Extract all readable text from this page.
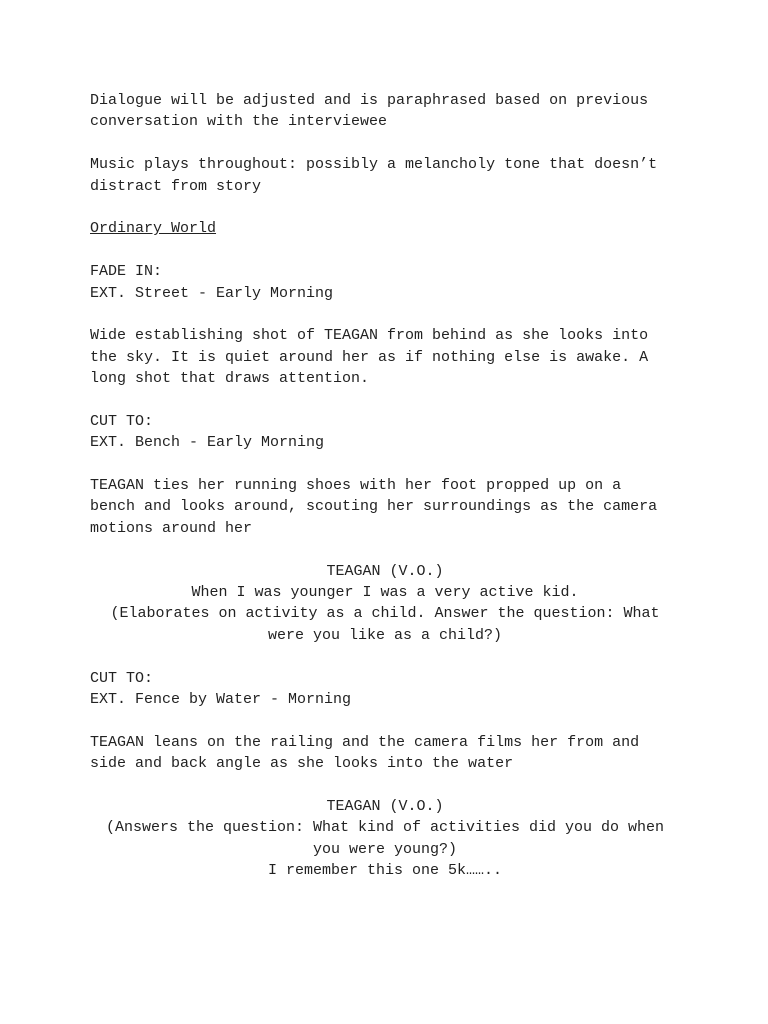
Dialogue will be adjusted and is paraphrased based on previous
conversation with the interviewee
Music plays throughout: possibly a melancholy tone that doesn’t
distract from story
Ordinary World
FADE IN:
EXT. Street - Early Morning
Wide establishing shot of TEAGAN from behind as she looks into
the sky. It is quiet around her as if nothing else is awake. A
long shot that draws attention.
CUT TO:
EXT. Bench - Early Morning
TEAGAN ties her running shoes with her foot propped up on a
bench and looks around, scouting her surroundings as the camera
motions around her
TEAGAN (V.O.)
When I was younger I was a very active kid.
(Elaborates on activity as a child. Answer the question: What
were you like as a child?)
CUT TO:
EXT. Fence by Water - Morning
TEAGAN leans on the railing and the camera films her from and
side and back angle as she looks into the water
TEAGAN (V.O.)
(Answers the question: What kind of activities did you do when
you were young?)
I remember this one 5k……..
